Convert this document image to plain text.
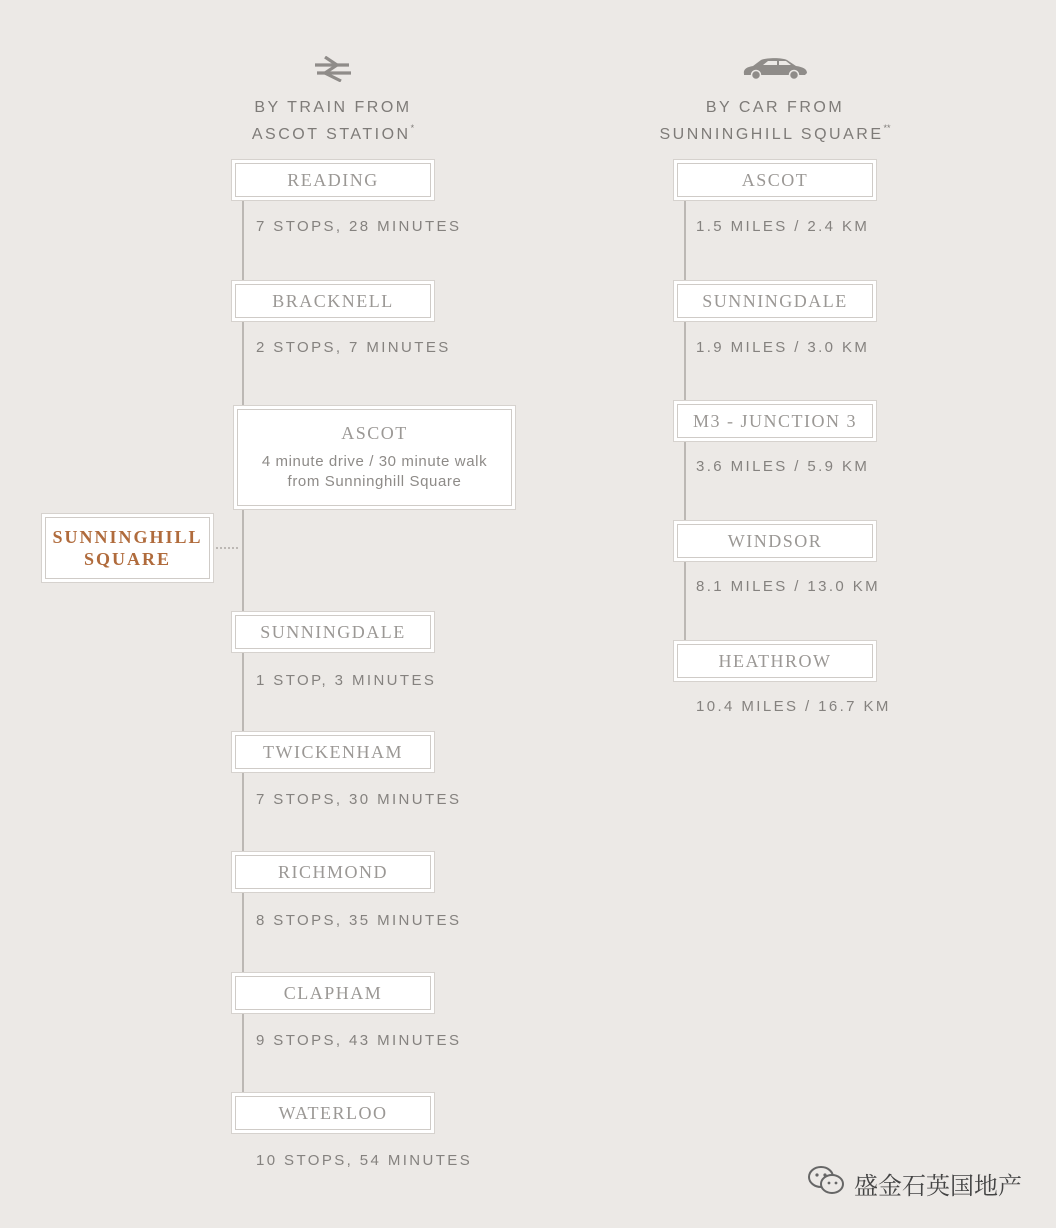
BY TRAIN FROM
ASCOT STATION*
READING
7 STOPS, 28 MINUTES
BRACKNELL
2 STOPS, 7 MINUTES
ASCOT
4 minute drive / 30 minute walk from Sunninghill Square
SUNNINGHILL
SQUARE
SUNNINGDALE
1 STOP, 3 MINUTES
TWICKENHAM
7 STOPS, 30 MINUTES
RICHMOND
8 STOPS, 35 MINUTES
CLAPHAM
9 STOPS, 43 MINUTES
WATERLOO
10 STOPS, 54 MINUTES
BY CAR FROM
SUNNINGHILL SQUARE**
ASCOT
1.5 MILES / 2.4 KM
SUNNINGDALE
1.9 MILES / 3.0 KM
M3 - JUNCTION 3
3.6 MILES / 5.9 KM
WINDSOR
8.1 MILES / 13.0 KM
HEATHROW
10.4 MILES / 16.7 KM
盛金石英国地产
